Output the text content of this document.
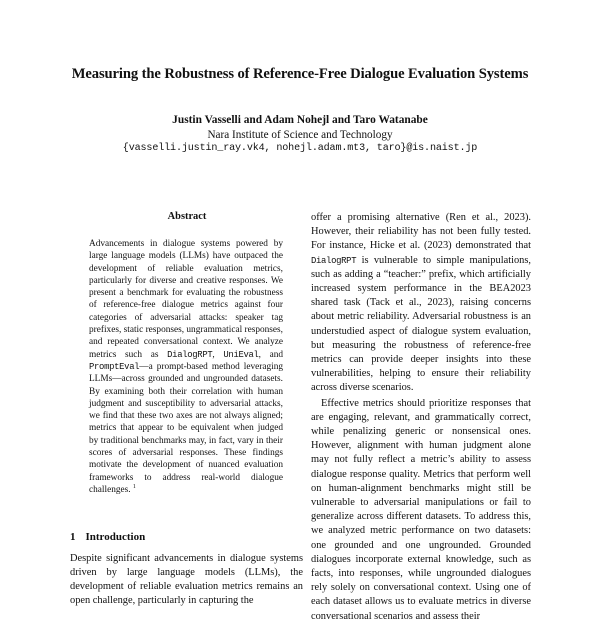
Measuring the Robustness of Reference-Free Dialogue Evaluation Systems
Justin Vasselli and Adam Nohejl and Taro Watanabe
Nara Institute of Science and Technology
{vasselli.justin_ray.vk4, nohejl.adam.mt3, taro}@is.naist.jp
Abstract
Advancements in dialogue systems powered by large language models (LLMs) have outpaced the development of reliable evaluation metrics, particularly for diverse and creative responses. We present a benchmark for evaluating the robustness of reference-free dialogue metrics against four categories of adversarial attacks: speaker tag prefixes, static responses, ungrammatical responses, and repeated conversational context. We analyze metrics such as DialogRPT, UniEval, and PromptEval—a prompt-based method leveraging LLMs—across grounded and ungrounded datasets. By examining both their correlation with human judgment and susceptibility to adversarial attacks, we find that these two axes are not always aligned; metrics that appear to be equivalent when judged by traditional benchmarks may, in fact, vary in their scores of adversarial responses. These findings motivate the development of nuanced evaluation frameworks to address real-world dialogue challenges. $^1$
1 Introduction
Despite significant advancements in dialogue systems driven by large language models (LLMs), the development of reliable evaluation metrics remains an open challenge, particularly in capturing the

offer a promising alternative (Ren et al., 2023). However, their reliability has not been fully tested. For instance, Hicke et al. (2023) demonstrated that DialogRPT is vulnerable to simple manipulations, such as adding a “teacher:” prefix, which artificially increased system performance in the BEA2023 shared task (Tack et al., 2023), raising concerns about metric reliability. Adversarial robustness is an understudied aspect of dialogue system evaluation, but measuring the robustness of reference-free metrics can provide deeper insights into these vulnerabilities, helping to ensure their reliability across diverse scenarios.

Effective metrics should prioritize responses that are engaging, relevant, and grammatically correct, while penalizing generic or nonsensical ones. However, alignment with human judgment alone may not fully reflect a metric’s ability to assess dialogue response quality. Metrics that perform well on human-alignment benchmarks might still be vulnerable to adversarial manipulations or fail to generalize across different datasets. To address this, we analyzed metric performance on two datasets: one grounded and one ungrounded. Grounded dialogues incorporate external knowledge, such as facts, into responses, while ungrounded dialogues rely solely on conversational context. Using one of each dataset allows us to evaluate metrics in diverse conversational scenarios and assess their
